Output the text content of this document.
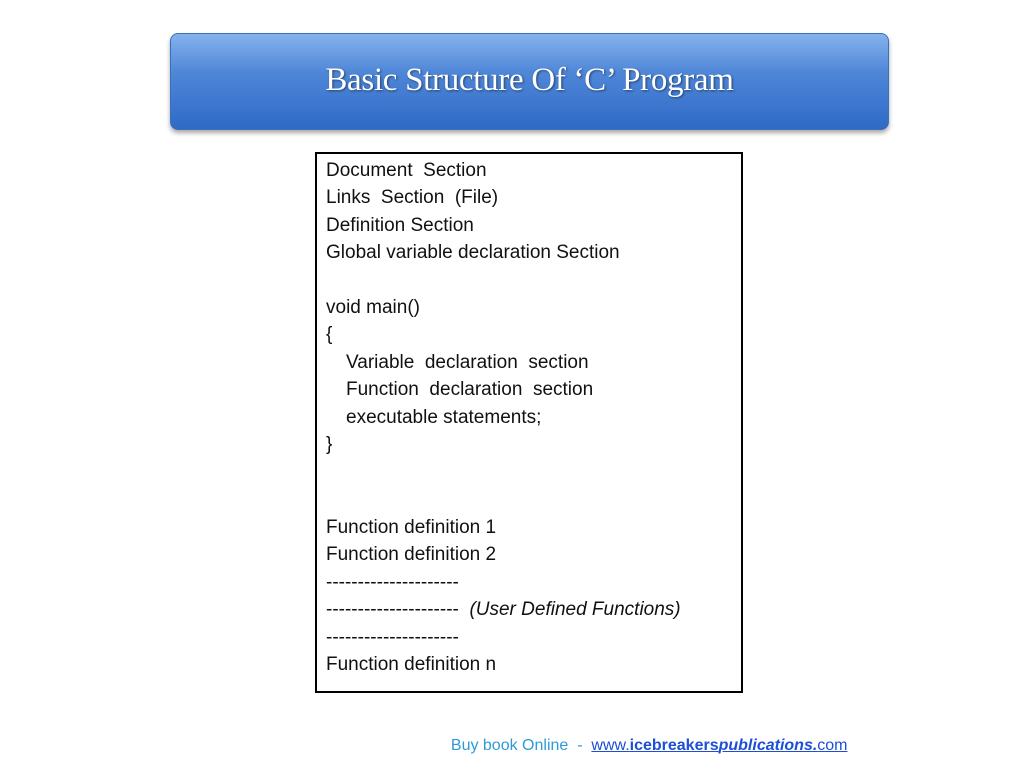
Basic Structure Of ‘C’ Program
Document  Section
Links  Section  (File)
Definition Section
Global variable declaration Section
void main()
{
Variable  declaration  section
Function  declaration  section
executable statements;
}
Function definition 1
Function definition 2
---------------------
--------------------- (User Defined Functions)
---------------------
Function definition n

Buy book Online  -  www.icebreakerspublications.com
